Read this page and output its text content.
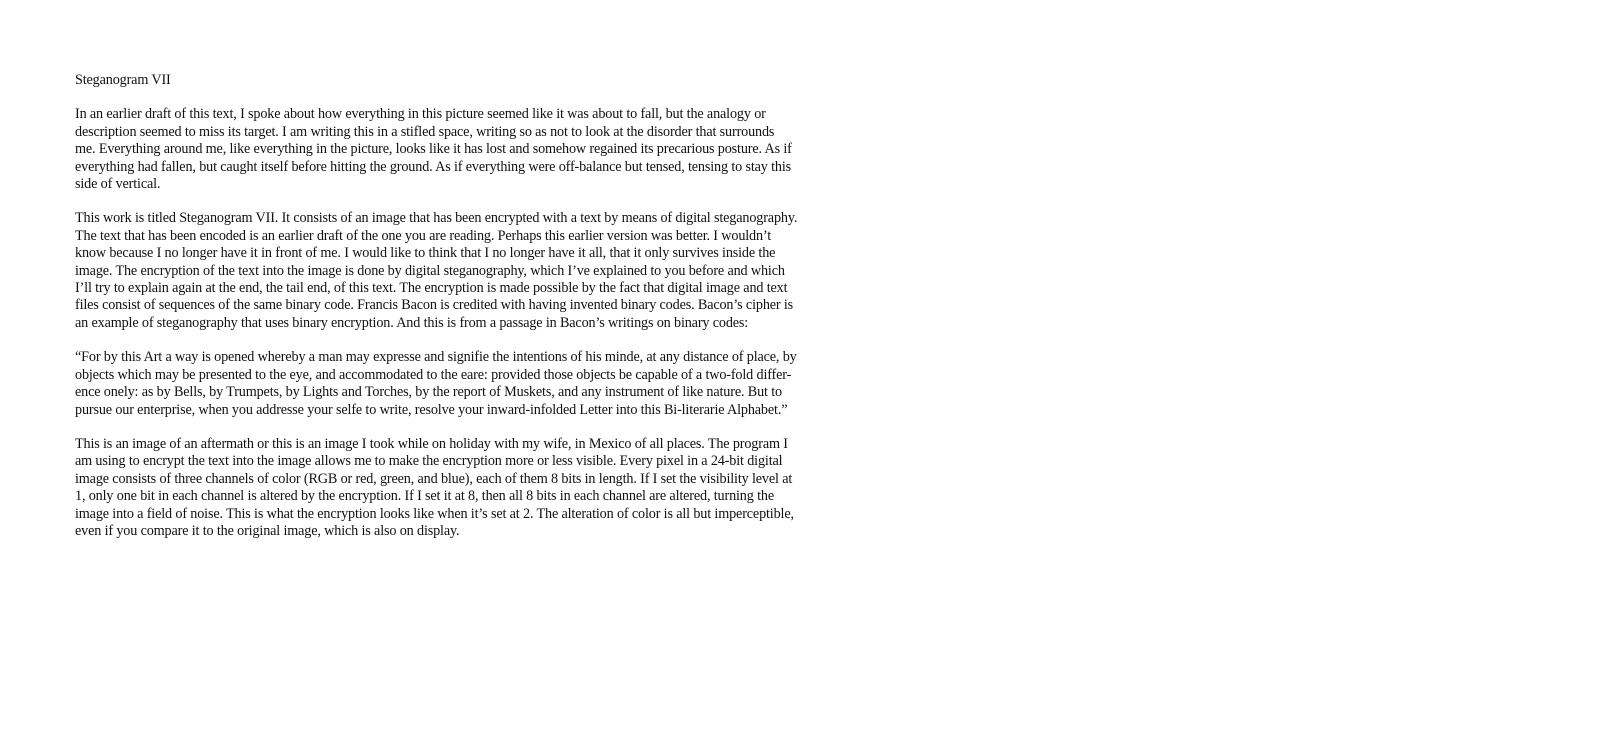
Steganogram VII

In an earlier draft of this text, I spoke about how everything in this picture seemed like it was about to fall, but the analogy or
description seemed to miss its target. I am writing this in a stifled space, writing so as not to look at the disorder that surrounds
me. Everything around me, like everything in the picture, looks like it has lost and somehow regained its precarious posture. As if
everything had fallen, but caught itself before hitting the ground. As if everything were off-balance but tensed, tensing to stay this
side of vertical.

This work is titled Steganogram VII. It consists of an image that has been encrypted with a text by means of digital steganography.
The text that has been encoded is an earlier draft of the one you are reading. Perhaps this earlier version was better. I wouldn’t
know because I no longer have it in front of me. I would like to think that I no longer have it all, that it only survives inside the
image. The encryption of the text into the image is done by digital steganography, which I’ve explained to you before and which
I’ll try to explain again at the end, the tail end, of this text. The encryption is made possible by the fact that digital image and text
files consist of sequences of the same binary code. Francis Bacon is credited with having invented binary codes. Bacon’s cipher is
an example of steganography that uses binary encryption. And this is from a passage in Bacon’s writings on binary codes:

“For by this Art a way is opened whereby a man may expresse and signifie the intentions of his minde, at any distance of place, by
objects which may be presented to the eye, and accommodated to the eare: provided those objects be capable of a two-fold differ-
ence onely: as by Bells, by Trumpets, by Lights and Torches, by the report of Muskets, and any instrument of like nature. But to
pursue our enterprise, when you addresse your selfe to write, resolve your inward-infolded Letter into this Bi-literarie Alphabet.”

This is an image of an aftermath or this is an image I took while on holiday with my wife, in Mexico of all places. The program I
am using to encrypt the text into the image allows me to make the encryption more or less visible. Every pixel in a 24-bit digital
image consists of three channels of color (RGB or red, green, and blue), each of them 8 bits in length. If I set the visibility level at
1, only one bit in each channel is altered by the encryption. If I set it at 8, then all 8 bits in each channel are altered, turning the
image into a field of noise. This is what the encryption looks like when it’s set at 2. The alteration of color is all but imperceptible,
even if you compare it to the original image, which is also on display.
